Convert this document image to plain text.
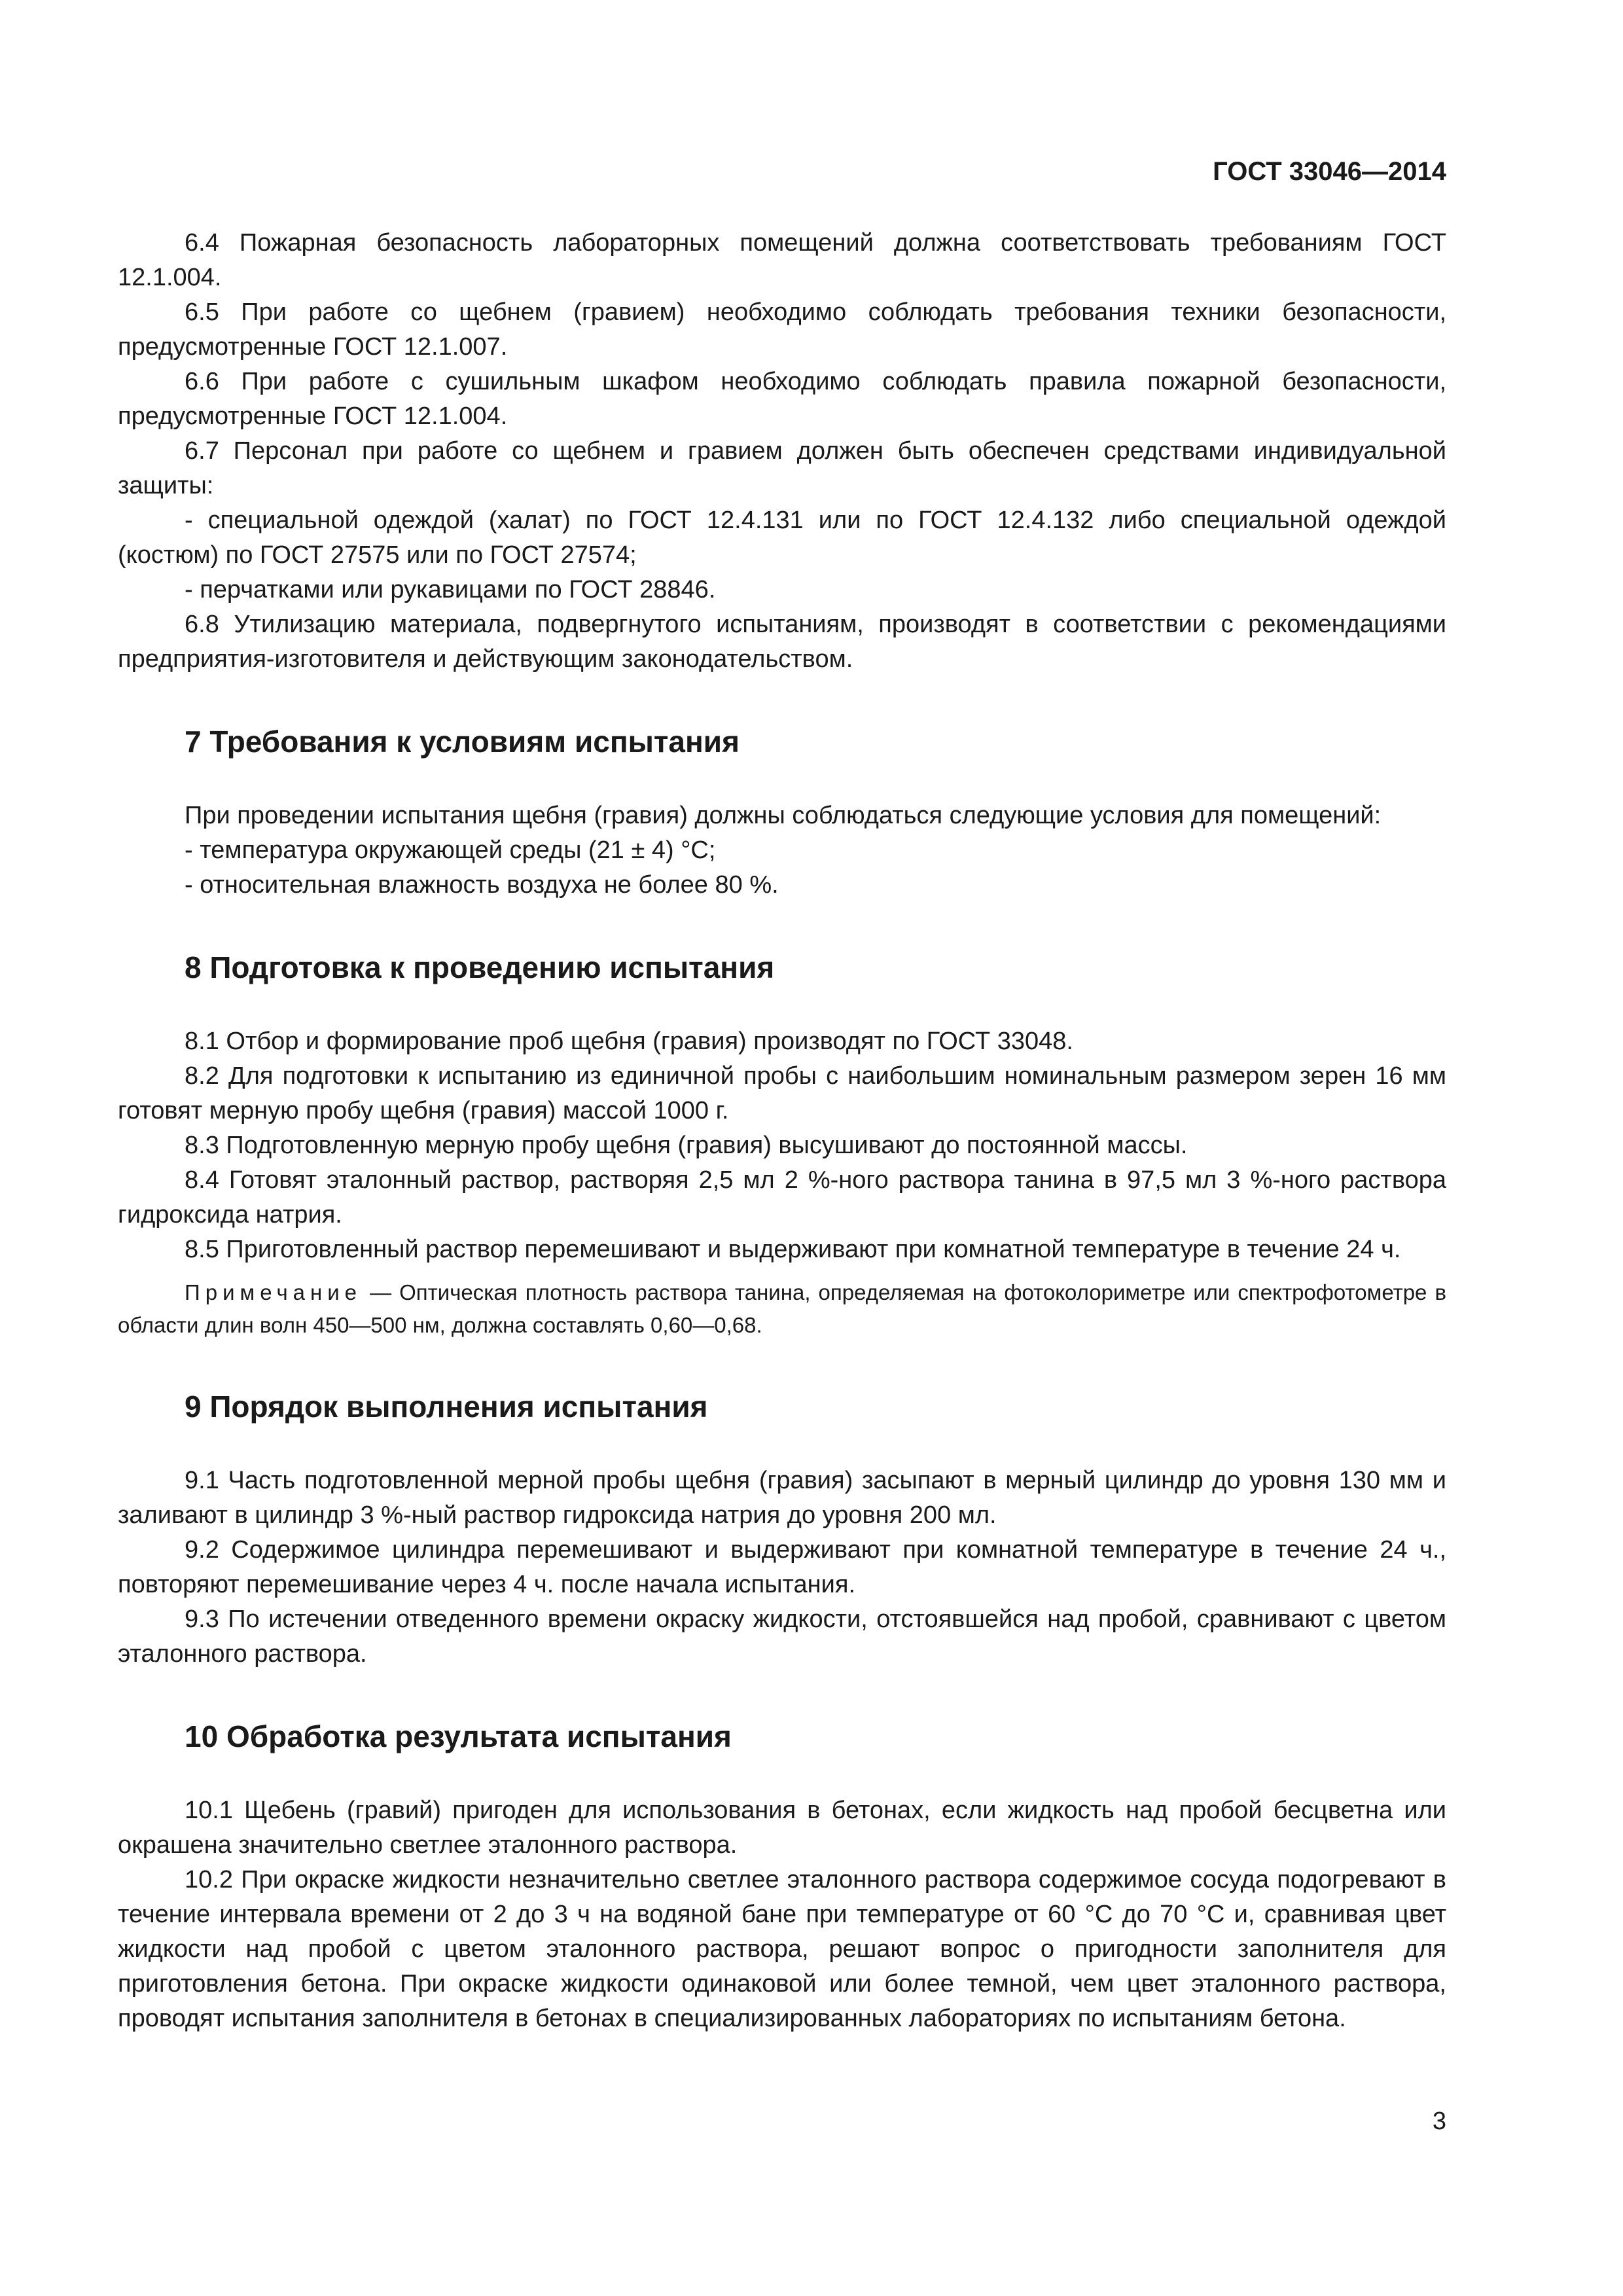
ГОСТ 33046—2014

6.4 Пожарная безопасность лабораторных помещений должна соответствовать требованиям ГОСТ 12.1.004.

6.5 При работе со щебнем (гравием) необходимо соблюдать требования техники безопасности, предусмотренные ГОСТ 12.1.007.

6.6 При работе с сушильным шкафом необходимо соблюдать правила пожарной безопасности, предусмотренные ГОСТ 12.1.004.

6.7 Персонал при работе со щебнем и гравием должен быть обеспечен средствами индивидуальной защиты:

- специальной одеждой (халат) по ГОСТ 12.4.131 или по ГОСТ 12.4.132 либо специальной одеждой (костюм) по ГОСТ 27575 или по ГОСТ 27574;

- перчатками или рукавицами по ГОСТ 28846.

6.8 Утилизацию материала, подвергнутого испытаниям, производят в соответствии с рекомендациями предприятия-изготовителя и действующим законодательством.

7 Требования к условиям испытания

При проведении испытания щебня (гравия) должны соблюдаться следующие условия для помещений:

- температура окружающей среды (21 ± 4) °C;

- относительная влажность воздуха не более 80 %.

8 Подготовка к проведению испытания

8.1 Отбор и формирование проб щебня (гравия) производят по ГОСТ 33048.

8.2 Для подготовки к испытанию из единичной пробы с наибольшим номинальным размером зерен 16 мм готовят мерную пробу щебня (гравия) массой 1000 г.

8.3 Подготовленную мерную пробу щебня (гравия) высушивают до постоянной массы.

8.4 Готовят эталонный раствор, растворяя 2,5 мл 2 %-ного раствора танина в 97,5 мл 3 %-ного раствора гидроксида натрия.

8.5 Приготовленный раствор перемешивают и выдерживают при комнатной температуре в течение 24 ч.

Примечание — Оптическая плотность раствора танина, определяемая на фотоколориметре или спектрофотометре в области длин волн 450—500 нм, должна составлять 0,60—0,68.

9 Порядок выполнения испытания

9.1 Часть подготовленной мерной пробы щебня (гравия) засыпают в мерный цилиндр до уровня 130 мм и заливают в цилиндр 3 %-ный раствор гидроксида натрия до уровня 200 мл.

9.2 Содержимое цилиндра перемешивают и выдерживают при комнатной температуре в течение 24 ч., повторяют перемешивание через 4 ч. после начала испытания.

9.3 По истечении отведенного времени окраску жидкости, отстоявшейся над пробой, сравнивают с цветом эталонного раствора.

10 Обработка результата испытания

10.1 Щебень (гравий) пригоден для использования в бетонах, если жидкость над пробой бесцветна или окрашена значительно светлее эталонного раствора.

10.2 При окраске жидкости незначительно светлее эталонного раствора содержимое сосуда подогревают в течение интервала времени от 2 до 3 ч на водяной бане при температуре от 60 °C до 70 °C и, сравнивая цвет жидкости над пробой с цветом эталонного раствора, решают вопрос о пригодности заполнителя для приготовления бетона. При окраске жидкости одинаковой или более темной, чем цвет эталонного раствора, проводят испытания заполнителя в бетонах в специализированных лабораториях по испытаниям бетона.

3
